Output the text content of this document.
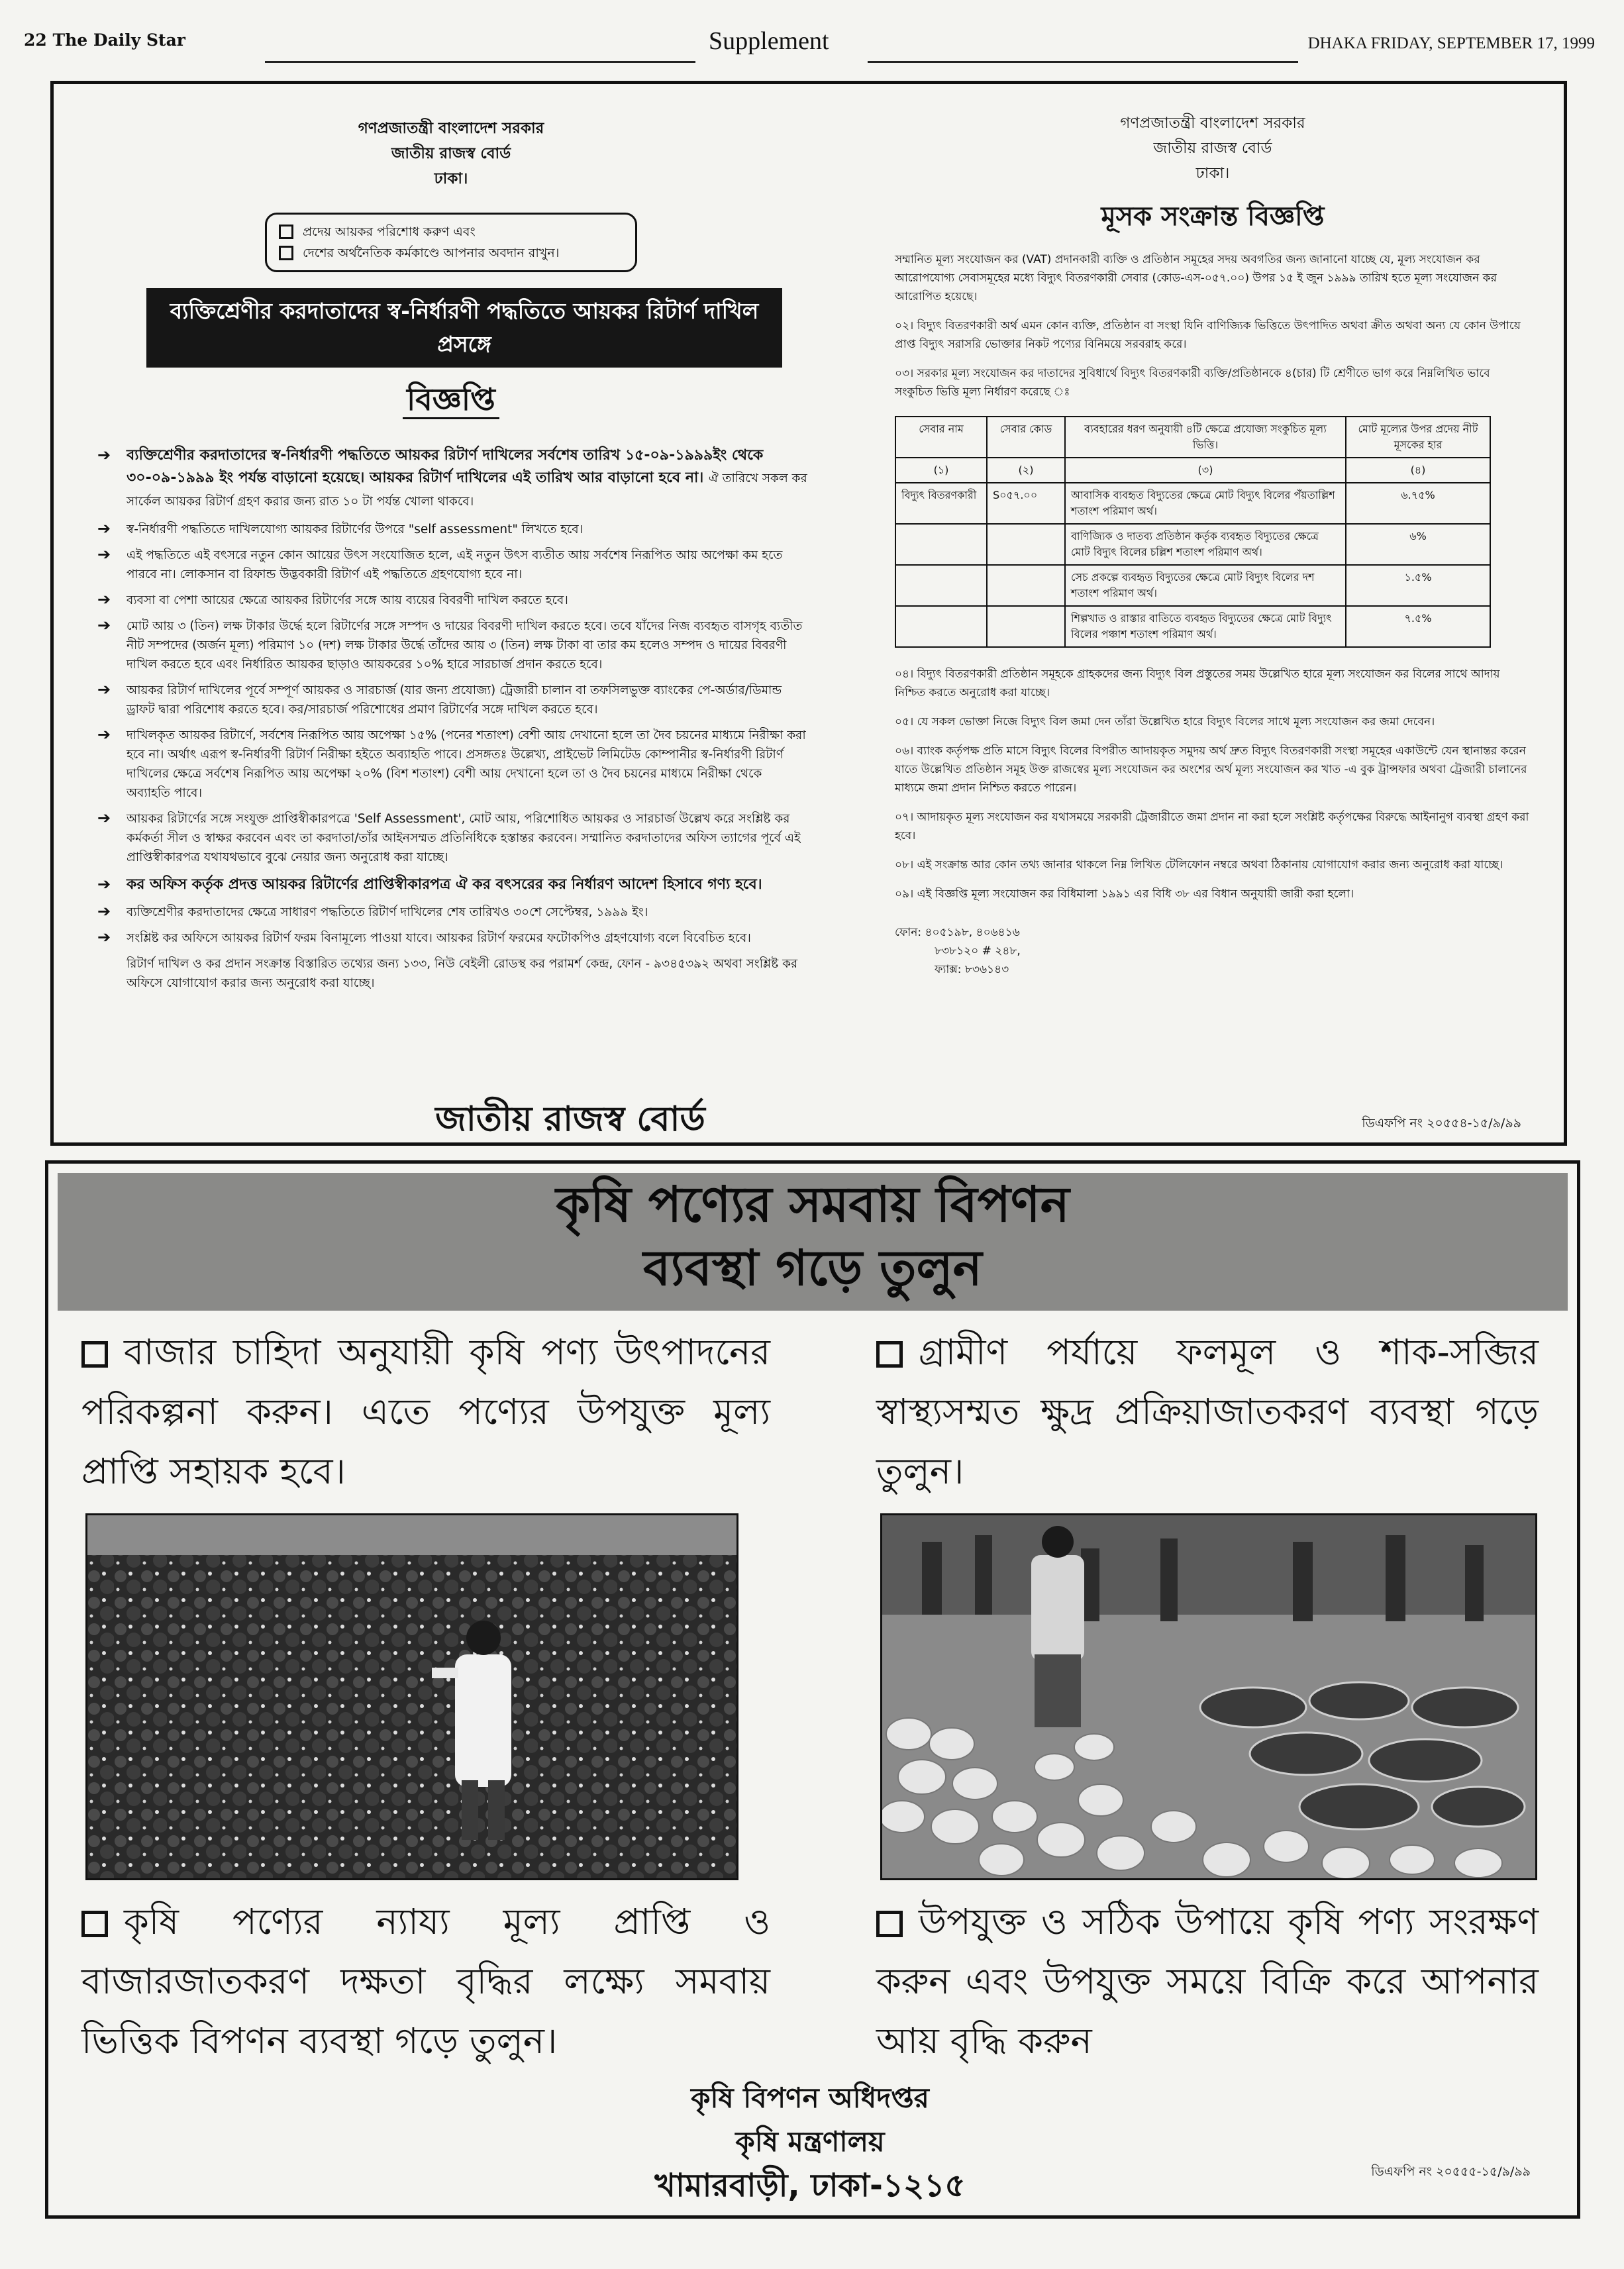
22 The Daily Star	Supplement	DHAKA FRIDAY, SEPTEMBER 17, 1999
গণপ্রজাতন্ত্রী বাংলাদেশ সরকার
জাতীয় রাজস্ব বোর্ড
ঢাকা।
প্রদেয় আয়কর পরিশোধ করুণ এবং
দেশের অর্থনৈতিক কর্মকাণ্ডে আপনার অবদান রাখুন।
ব্যক্তিশ্রেণীর করদাতাদের স্ব-নির্ধারণী পদ্ধতিতে আয়কর রিটার্ণ দাখিল প্রসঙ্গে
বিজ্ঞপ্তি
➔ ব্যক্তিশ্রেণীর করদাতাদের স্ব-নির্ধারণী পদ্ধতিতে আয়কর রিটার্ণ দাখিলের সর্বশেষ তারিখ ১৫-০৯-১৯৯৯ইং থেকে ৩০-০৯-১৯৯৯ ইং পর্যন্ত বাড়ানো হয়েছে। আয়কর রিটার্ণ দাখিলের এই তারিখ আর বাড়ানো হবে না। ঐ তারিখে সকল কর সার্কেল আয়কর রিটার্ণ গ্রহণ করার জন্য রাত ১০ টা পর্যন্ত খোলা থাকবে।
➔ স্ব-নির্ধারণী পদ্ধতিতে দাখিলযোগ্য আয়কর রিটার্ণের উপরে "self assessment" লিখতে হবে।
➔ এই পদ্ধতিতে এই বৎসরে নতুন কোন আয়ের উৎস সংযোজিত হলে, এই নতুন উৎস ব্যতীত আয় সর্বশেষ নিরূপিত আয় অপেক্ষা কম হতে পারবে না। লোকসান বা রিফান্ড উদ্ভবকারী রিটার্ণ এই পদ্ধতিতে গ্রহণযোগ্য হবে না।
➔ ব্যবসা বা পেশা আয়ের ক্ষেত্রে আয়কর রিটার্ণের সঙ্গে আয় ব্যয়ের বিবরণী দাখিল করতে হবে।
➔ মোট আয় ৩ (তিন) লক্ষ টাকার উর্দ্ধে হলে রিটার্ণের সঙ্গে সম্পদ ও দায়ের বিবরণী দাখিল করতে হবে। তবে যাঁদের নিজ ব্যবহৃত বাসগৃহ ব্যতীত নীট সম্পদের (অর্জন মূল্য) পরিমাণ ১০ (দশ) লক্ষ টাকার উর্দ্ধে তাঁদের আয় ৩ (তিন) লক্ষ টাকা বা তার কম হলেও সম্পদ ও দায়ের বিবরণী দাখিল করতে হবে এবং নির্ধারিত আয়কর ছাড়াও আয়করের ১০% হারে সারচার্জ প্রদান করতে হবে।
➔ আয়কর রিটার্ণ দাখিলের পূর্বে সম্পূর্ণ আয়কর ও সারচার্জ (যার জন্য প্রযোজ্য) ট্রেজারী চালান বা তফসিলভুক্ত ব্যাংকের পে-অর্ডার/ডিমান্ড ড্রাফট দ্বারা পরিশোধ করতে হবে। কর/সারচার্জ পরিশোধের প্রমাণ রিটার্ণের সঙ্গে দাখিল করতে হবে।
➔ দাখিলকৃত আয়কর রিটার্ণে, সর্বশেষ নিরূপিত আয় অপেক্ষা ১৫% (পনের শতাংশ) বেশী আয় দেখানো হলে তা দৈব চয়নের মাধ্যমে নিরীক্ষা করা হবে না। অর্থাৎ এরূপ স্ব-নির্ধারণী রিটার্ণ নিরীক্ষা হইতে অব্যাহতি পাবে। প্রসঙ্গতঃ উল্লেখ্য, প্রাইভেট লিমিটেড কোম্পানীর স্ব-নির্ধারণী রিটার্ণ দাখিলের ক্ষেত্রে সর্বশেষ নিরূপিত আয় অপেক্ষা ২০% (বিশ শতাংশ) বেশী আয় দেখানো হলে তা ও দৈব চয়নের মাধ্যমে নিরীক্ষা থেকে অব্যাহতি পাবে।
➔ আয়কর রিটার্ণের সঙ্গে সংযুক্ত প্রাপ্তিস্বীকারপত্রে 'Self Assessment', মোট আয়, পরিশোধিত আয়কর ও সারচার্জ উল্লেখ করে সংশ্লিষ্ট কর কর্মকর্তা সীল ও স্বাক্ষর করবেন এবং তা করদাতা/তাঁর আইনসম্মত প্রতিনিধিকে হস্তান্তর করবেন। সম্মানিত করদাতাদের অফিস ত্যাগের পূর্বে এই প্রাপ্তিস্বীকারপত্র যথাযথভাবে বুঝে নেয়ার জন্য অনুরোধ করা যাচ্ছে।
➔ কর অফিস কর্তৃক প্রদত্ত আয়কর রিটার্ণের প্রাপ্তিস্বীকারপত্র ঐ কর বৎসরের কর নির্ধারণ আদেশ হিসাবে গণ্য হবে।
➔ ব্যক্তিশ্রেণীর করদাতাদের ক্ষেত্রে সাধারণ পদ্ধতিতে রিটার্ণ দাখিলের শেষ তারিখও ৩০শে সেপ্টেম্বর, ১৯৯৯ ইং।
➔ সংশ্লিষ্ট কর অফিসে আয়কর রিটার্ণ ফরম বিনামূল্যে পাওয়া যাবে। আয়কর রিটার্ণ ফরমের ফটোকপিও গ্রহণযোগ্য বলে বিবেচিত হবে।
রিটার্ণ দাখিল ও কর প্রদান সংক্রান্ত বিস্তারিত তথ্যের জন্য ১৩৩, নিউ বেইলী রোডস্থ কর পরামর্শ কেন্দ্র, ফোন - ৯৩৪৫৩৯২ অথবা সংশ্লিষ্ট কর অফিসে যোগাযোগ করার জন্য অনুরোধ করা যাচ্ছে।
জাতীয় রাজস্ব বোর্ড
গণপ্রজাতন্ত্রী বাংলাদেশ সরকার
জাতীয় রাজস্ব বোর্ড
ঢাকা।
মূসক সংক্রান্ত বিজ্ঞপ্তি
সম্মানিত মূল্য সংযোজন কর (VAT) প্রদানকারী ব্যক্তি ও প্রতিষ্ঠান সমূহের সদয় অবগতির জন্য জানানো যাচ্ছে যে, মূল্য সংযোজন কর আরোপযোগ্য সেবাসমূহের মধ্যে বিদ্যুৎ বিতরণকারী সেবার (কোড-এস-০৫৭.০০) উপর ১৫ ই জুন ১৯৯৯ তারিখ হতে মূল্য সংযোজন কর আরোপিত হয়েছে।
০২। বিদ্যুৎ বিতরণকারী অর্থ এমন কোন ব্যক্তি, প্রতিষ্ঠান বা সংস্থা যিনি বাণিজ্যিক ভিত্তিতে উৎপাদিত অথবা ক্রীত অথবা অন্য যে কোন উপায়ে প্রাপ্ত বিদ্যুৎ সরাসরি ভোক্তার নিকট পণ্যের বিনিময়ে সরবরাহ করে।
০৩। সরকার মূল্য সংযোজন কর দাতাদের সুবিধার্থে বিদ্যুৎ বিতরণকারী ব্যক্তি/প্রতিষ্ঠানকে ৪(চার) টি শ্রেণীতে ভাগ করে নিম্নলিখিত ভাবে সংকুচিত ভিত্তি মূল্য নির্ধারণ করেছে ঃ
সেবার নাম	সেবার কোড	ব্যবহারের ধরণ অনুযায়ী ৪টি ক্ষেত্রে প্রযোজ্য সংকুচিত মূল্য ভিত্তি।	মোট মূল্যের উপর প্রদেয় নীট মূসকের হার
(১)	(২)	(৩)	(৪)
বিদ্যুৎ বিতরণকারী	S০৫৭.০০	আবাসিক ব্যবহৃত বিদ্যুতের ক্ষেত্রে মোট বিদ্যুৎ বিলের পঁয়তাল্লিশ শতাংশ পরিমাণ অর্থ।	৬.৭৫%
		বাণিজ্যিক ও দাতব্য প্রতিষ্ঠান কর্তৃক ব্যবহৃত বিদ্যুতের ক্ষেত্রে মোট বিদ্যুৎ বিলের চল্লিশ শতাংশ পরিমাণ অর্থ।	৬%
		সেচ প্রকল্পে ব্যবহৃত বিদ্যুতের ক্ষেত্রে মোট বিদ্যুৎ বিলের দশ শতাংশ পরিমাণ অর্থ।	১.৫%
		শিল্পখাত ও রাস্তার বাতিতে ব্যবহৃত বিদ্যুতের ক্ষেত্রে মোট বিদ্যুৎ বিলের পঞ্চাশ শতাংশ পরিমাণ অর্থ।	৭.৫%
০৪। বিদ্যুৎ বিতরণকারী প্রতিষ্ঠান সমূহকে গ্রাহকদের জন্য বিদ্যুৎ বিল প্রস্তুতের সময় উল্লেখিত হারে মূল্য সংযোজন কর বিলের সাথে আদায় নিশ্চিত করতে অনুরোধ করা যাচ্ছে।
০৫। যে সকল ভোক্তা নিজে বিদ্যুৎ বিল জমা দেন তাঁরা উল্লেখিত হারে বিদ্যুৎ বিলের সাথে মূল্য সংযোজন কর জমা দেবেন।
০৬। ব্যাংক কর্তৃপক্ষ প্রতি মাসে বিদ্যুৎ বিলের বিপরীত আদায়কৃত সমুদয় অর্থ দ্রুত বিদ্যুৎ বিতরণকারী সংস্থা সমূহের একাউন্টে যেন স্থানান্তর করেন যাতে উল্লেখিত প্রতিষ্ঠান সমূহ উক্ত রাজস্বের মূল্য সংযোজন কর অংশের অর্থ মূল্য সংযোজন কর খাত -এ বুক ট্রান্সফার অথবা ট্রেজারী চালানের মাধ্যমে জমা প্রদান নিশ্চিত করতে পারেন।
০৭। আদায়কৃত মূল্য সংযোজন কর যথাসময়ে সরকারী ট্রেজারীতে জমা প্রদান না করা হলে সংশ্লিষ্ট কর্তৃপক্ষের বিরুদ্ধে আইনানুগ ব্যবস্থা গ্রহণ করা হবে।
০৮। এই সংক্রান্ত আর কোন তথ্য জানার থাকলে নিম্ন লিখিত টেলিফোন নম্বরে অথবা ঠিকানায় যোগাযোগ করার জন্য অনুরোধ করা যাচ্ছে।
০৯। এই বিজ্ঞপ্তি মূল্য সংযোজন কর বিধিমালা ১৯৯১ এর বিধি ৩৮ এর বিধান অনুযায়ী জারী করা হলো।
ফোন: ৪০৫১৯৮, ৪০৬৪১৬
৮৩৮১২০ # ২৪৮,
ফ্যাক্স: ৮৩৬১৪৩
ডিএফপি নং ২০৫৫৪-১৫/৯/৯৯
কৃষি পণ্যের সমবায় বিপণন
ব্যবস্থা গড়ে তুলুন
বাজার চাহিদা অনুযায়ী কৃষি পণ্য উৎপাদনের পরিকল্পনা করুন। এতে পণ্যের উপযুক্ত মূল্য প্রাপ্তি সহায়ক হবে।
গ্রামীণ পর্যায়ে ফলমূল ও শাক-সব্জির স্বাস্থ্যসম্মত ক্ষুদ্র প্রক্রিয়াজাতকরণ ব্যবস্থা গড়ে তুলুন।
কৃষি পণ্যের ন্যায্য মূল্য প্রাপ্তি ও বাজারজাতকরণ দক্ষতা বৃদ্ধির লক্ষ্যে সমবায় ভিত্তিক বিপণন ব্যবস্থা গড়ে তুলুন।
উপযুক্ত ও সঠিক উপায়ে কৃষি পণ্য সংরক্ষণ করুন এবং উপযুক্ত সময়ে বিক্রি করে আপনার আয় বৃদ্ধি করুন
কৃষি বিপণন অধিদপ্তর
কৃষি মন্ত্রণালয়
খামারবাড়ী, ঢাকা-১২১৫	ডিএফপি নং ২০৫৫৫-১৫/৯/৯৯
